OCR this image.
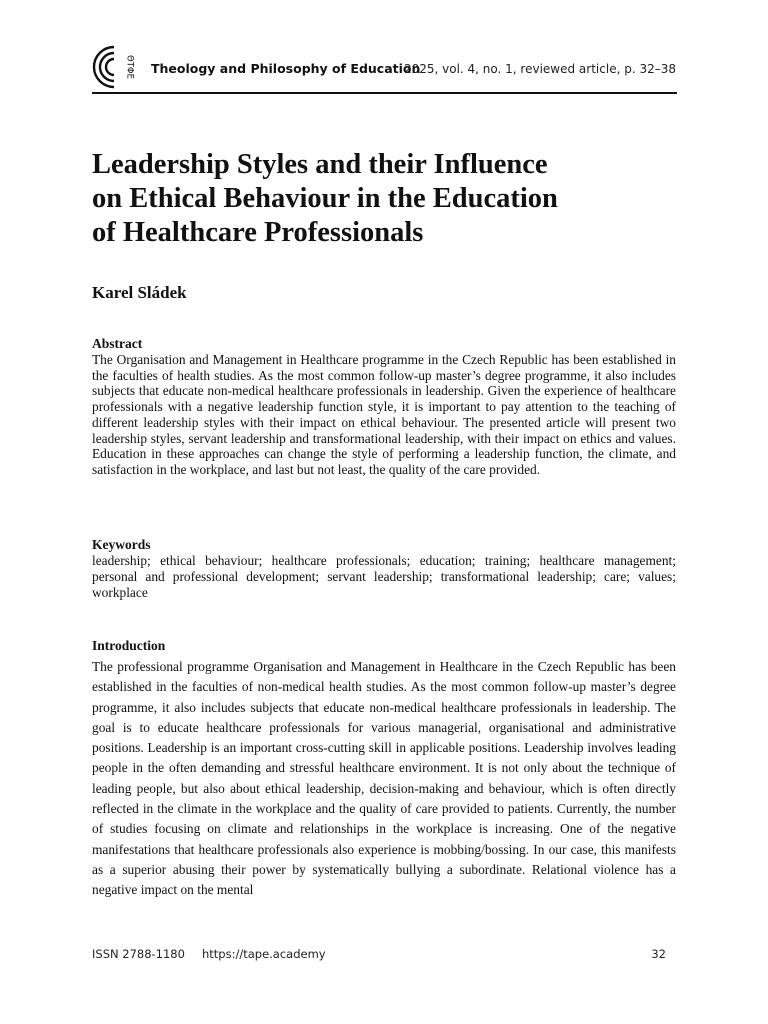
ΘΤΦΕ Theology and Philosophy of Education
2025, vol. 4, no. 1, reviewed article, p. 32–38
Leadership Styles and their Influence
on Ethical Behaviour in the Education
of Healthcare Professionals
Karel Sládek
Abstract

The Organisation and Management in Healthcare programme in the Czech Republic has been established in the faculties of health studies. As the most common follow-up master’s degree programme, it also includes subjects that educate non-medical healthcare professionals in leadership. Given the experience of healthcare professionals with a negative leadership function style, it is important to pay attention to the teaching of different leadership styles with their impact on ethical behaviour. The presented article will present two leadership styles, servant leadership and transformational leadership, with their impact on ethics and values. Education in these approaches can change the style of performing a leadership function, the climate, and satisfaction in the workplace, and last but not least, the quality of the care provided.

Keywords

leadership; ethical behaviour; healthcare professionals; education; training; healthcare management; personal and professional development; servant leadership; transformational leadership; care; values; workplace

Introduction

The professional programme Organisation and Management in Healthcare in the Czech Republic has been established in the faculties of non-medical health studies. As the most common follow-up master’s degree programme, it also includes subjects that educate non-medical healthcare professionals in leadership. The goal is to educate healthcare professionals for various managerial, organisational and administrative positions. Leadership is an important cross-cutting skill in applicable positions. Leadership involves leading people in the often demanding and stressful healthcare environment. It is not only about the technique of leading people, but also about ethical leadership, decision-making and behaviour, which is often directly reflected in the climate in the workplace and the quality of care provided to patients. Currently, the number of studies focusing on climate and relationships in the workplace is increasing. One of the negative manifestations that healthcare professionals also experience is mobbing/bossing. In our case, this manifests as a superior abusing their power by systematically bullying a subordinate. Relational violence has a negative impact on the mental

ISSN 2788-1180 https://tape.academy	32
